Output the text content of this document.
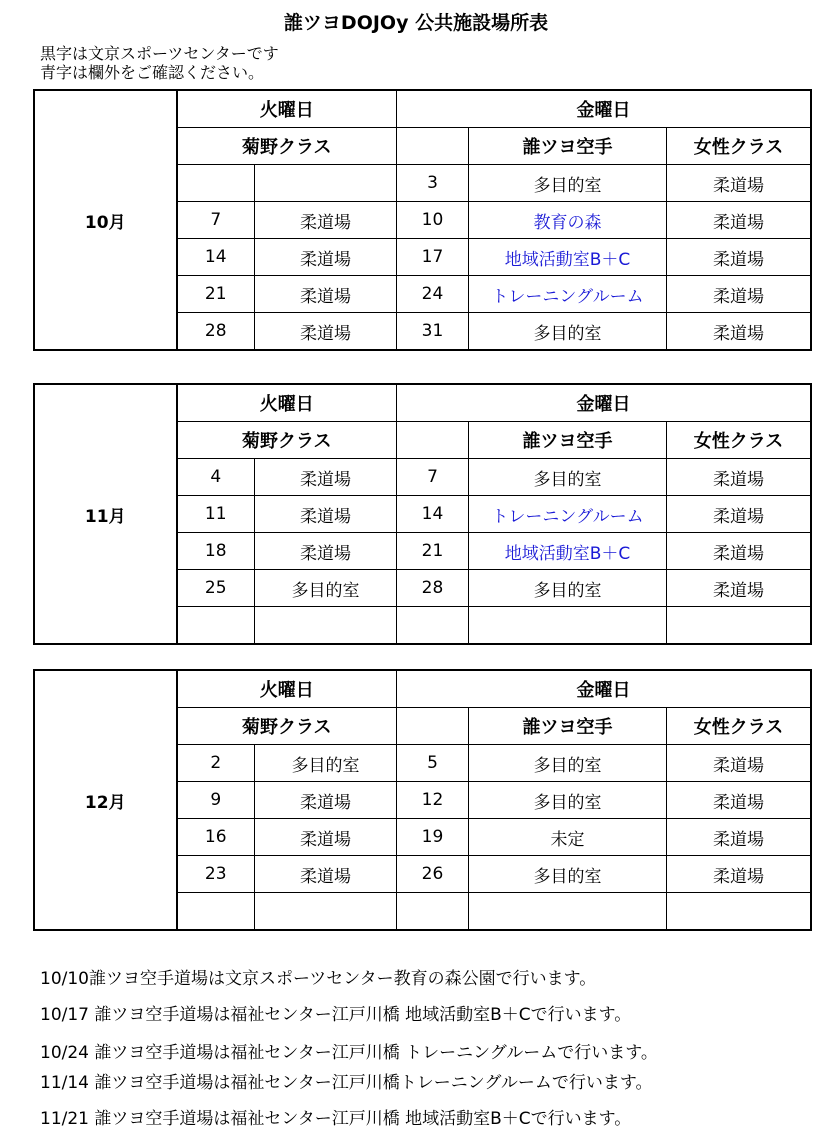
誰ツヨDOJOy 公共施設場所表
黒字は文京スポーツセンターです
青字は欄外をご確認ください。
10月	火曜日		金曜日		
	菊野クラス			誰ツヨ空手	女性クラス
			3	多目的室	柔道場
	7	柔道場	10	教育の森	柔道場
	14	柔道場	17	地域活動室B＋C	柔道場
	21	柔道場	24	トレーニングルーム	柔道場
	28	柔道場	31	多目的室	柔道場
11月	火曜日		金曜日		
	菊野クラス			誰ツヨ空手	女性クラス
	4	柔道場	7	多目的室	柔道場
	11	柔道場	14	トレーニングルーム	柔道場
	18	柔道場	21	地域活動室B＋C	柔道場
	25	多目的室	28	多目的室	柔道場

12月	火曜日		金曜日		
	菊野クラス			誰ツヨ空手	女性クラス
	2	多目的室	5	多目的室	柔道場
	9	柔道場	12	多目的室	柔道場
	16	柔道場	19	未定	柔道場
	23	柔道場	26	多目的室	柔道場

10/10誰ツヨ空手道場は文京スポーツセンター教育の森公園で行います。
10/17 誰ツヨ空手道場は福祉センター江戸川橋 地域活動室B＋Cで行います。
10/24 誰ツヨ空手道場は福祉センター江戸川橋 トレーニングルームで行います。
11/14 誰ツヨ空手道場は福祉センター江戸川橋トレーニングルームで行います。
11/21 誰ツヨ空手道場は福祉センター江戸川橋 地域活動室B＋Cで行います。
